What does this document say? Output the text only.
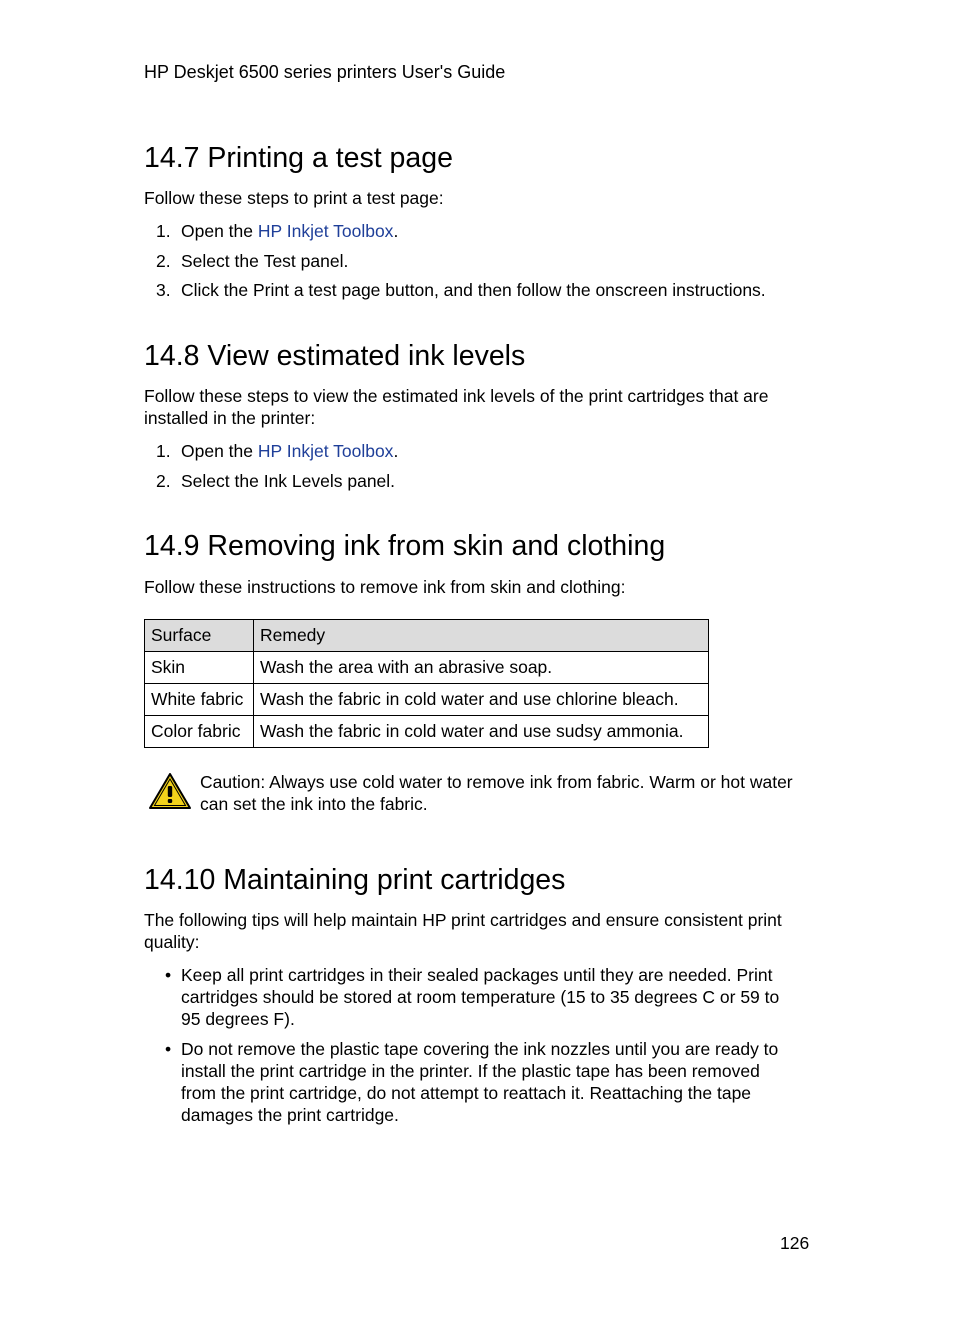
HP Deskjet 6500 series printers User's Guide
14.7 Printing a test page
Follow these steps to print a test page:
1. Open the HP Inkjet Toolbox.
2. Select the Test panel.
3. Click the Print a test page button, and then follow the onscreen instructions.
14.8 View estimated ink levels
Follow these steps to view the estimated ink levels of the print cartridges that are
installed in the printer:
1. Open the HP Inkjet Toolbox.
2. Select the Ink Levels panel.
14.9 Removing ink from skin and clothing
Follow these instructions to remove ink from skin and clothing:
Surface	Remedy
Skin	Wash the area with an abrasive soap.
White fabric	Wash the fabric in cold water and use chlorine bleach.
Color fabric	Wash the fabric in cold water and use sudsy ammonia.
Caution: Always use cold water to remove ink from fabric. Warm or hot water
can set the ink into the fabric.
14.10 Maintaining print cartridges
The following tips will help maintain HP print cartridges and ensure consistent print
quality:
• Keep all print cartridges in their sealed packages until they are needed. Print
cartridges should be stored at room temperature (15 to 35 degrees C or 59 to
95 degrees F).
• Do not remove the plastic tape covering the ink nozzles until you are ready to
install the print cartridge in the printer. If the plastic tape has been removed
from the print cartridge, do not attempt to reattach it. Reattaching the tape
damages the print cartridge.
126
